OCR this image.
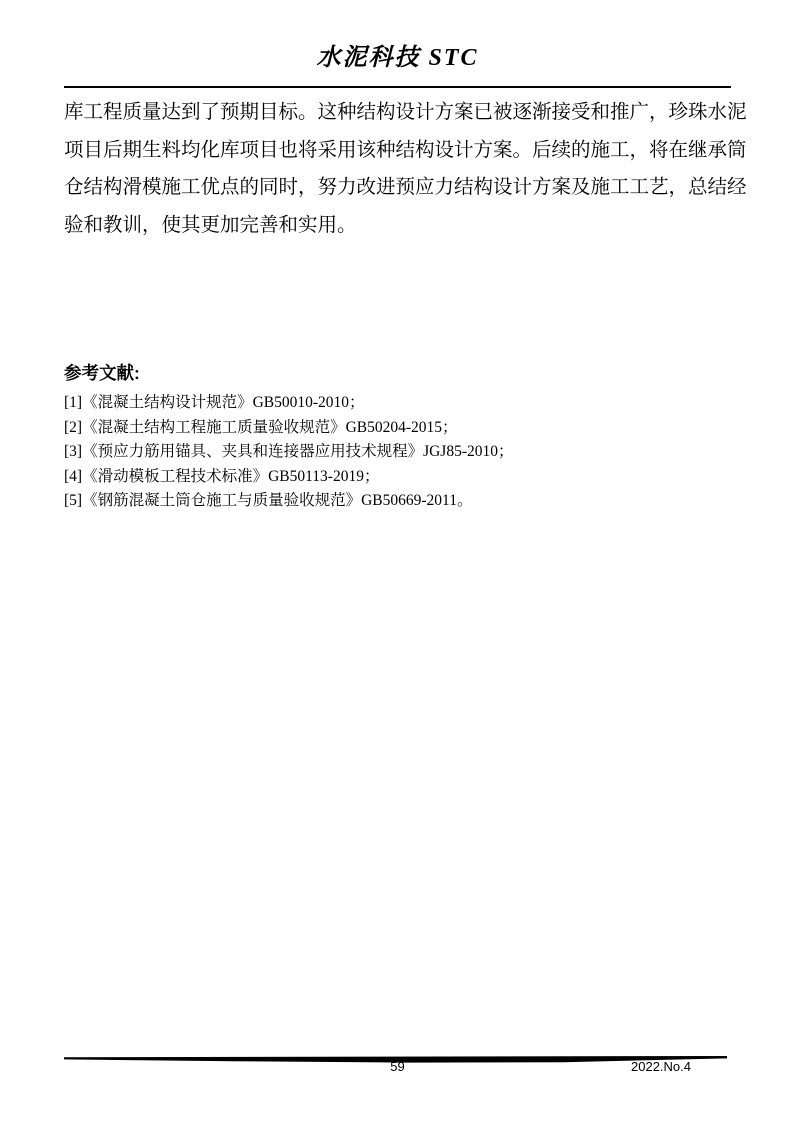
水泥科技 STC
库工程质量达到了预期目标。这种结构设计方案已被逐渐接受和推广，珍珠水泥
项目后期生料均化库项目也将采用该种结构设计方案。后续的施工，将在继承筒
仓结构滑模施工优点的同时，努力改进预应力结构设计方案及施工工艺，总结经
验和教训，使其更加完善和实用。
参考文献:
[1]《混凝土结构设计规范》GB50010-2010；
[2]《混凝土结构工程施工质量验收规范》GB50204-2015；
[3]《预应力筋用锚具、夹具和连接器应用技术规程》JGJ85-2010；
[4]《滑动模板工程技术标准》GB50113-2019；
[5]《钢筋混凝土筒仓施工与质量验收规范》GB50669-2011。
59	2022.No.4
